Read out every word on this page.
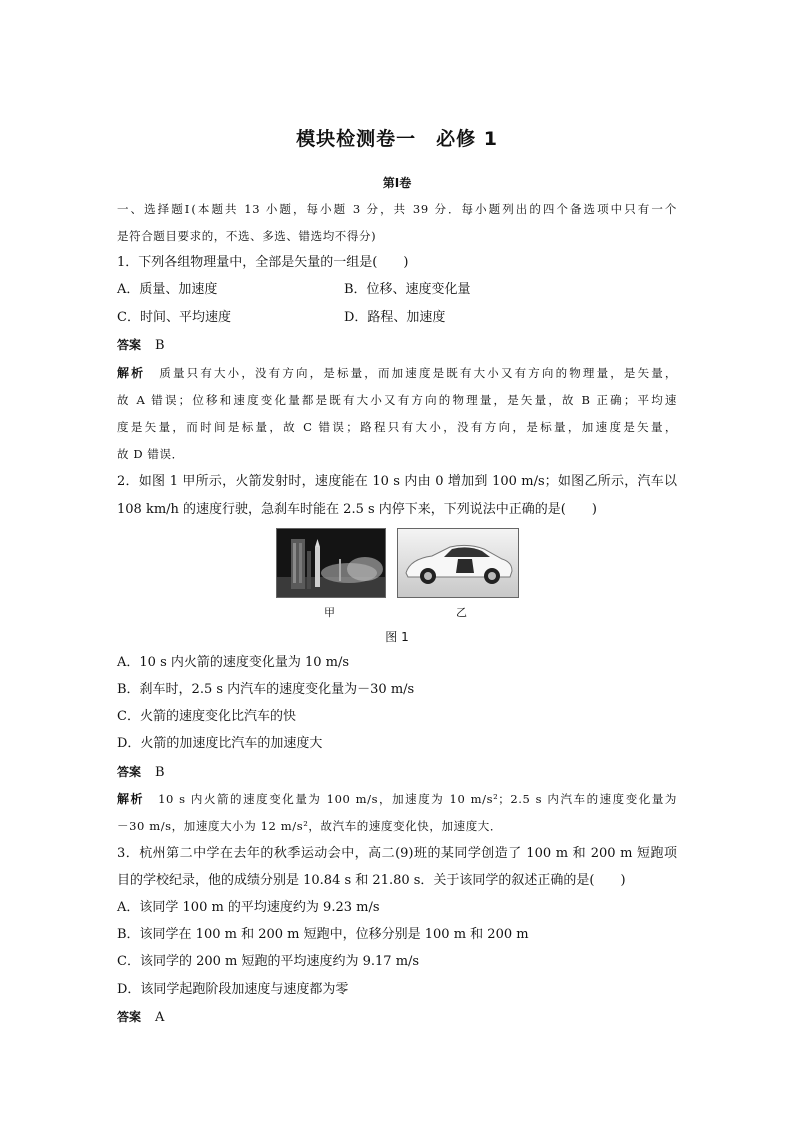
模块检测卷一　必修 1
第Ⅰ卷
一、选择题Ⅰ(本题共 13 小题，每小题 3 分，共 39 分．每小题列出的四个备选项中只有一个
是符合题目要求的，不选、多选、错选均不得分)
1．下列各组物理量中，全部是矢量的一组是(　　)
A．质量、加速度	B．位移、速度变化量
C．时间、平均速度	D．路程、加速度
答案 B
解析 质量只有大小，没有方向，是标量，而加速度是既有大小又有方向的物理量，是矢量，
故 A 错误；位移和速度变化量都是既有大小又有方向的物理量，是矢量，故 B 正确；平均速
度是矢量，而时间是标量，故 C 错误；路程只有大小，没有方向，是标量，加速度是矢量，
故 D 错误．
2．如图 1 甲所示，火箭发射时，速度能在 10 s 内由 0 增加到 100 m/s；如图乙所示，汽车以
108 km/h 的速度行驶，急刹车时能在 2.5 s 内停下来，下列说法中正确的是(　　)
甲	乙
图 1
A．10 s 内火箭的速度变化量为 10 m/s
B．刹车时，2.5 s 内汽车的速度变化量为－30 m/s
C．火箭的速度变化比汽车的快
D．火箭的加速度比汽车的加速度大
答案 B
解析 10 s 内火箭的速度变化量为 100 m/s，加速度为 10 m/s²；2.5 s 内汽车的速度变化量为
－30 m/s，加速度大小为 12 m/s²，故汽车的速度变化快，加速度大．
3．杭州第二中学在去年的秋季运动会中，高二(9)班的某同学创造了 100 m 和 200 m 短跑项
目的学校纪录，他的成绩分别是 10.84 s 和 21.80 s．关于该同学的叙述正确的是(　　)
A．该同学 100 m 的平均速度约为 9.23 m/s
B．该同学在 100 m 和 200 m 短跑中，位移分别是 100 m 和 200 m
C．该同学的 200 m 短跑的平均速度约为 9.17 m/s
D．该同学起跑阶段加速度与速度都为零
答案 A
